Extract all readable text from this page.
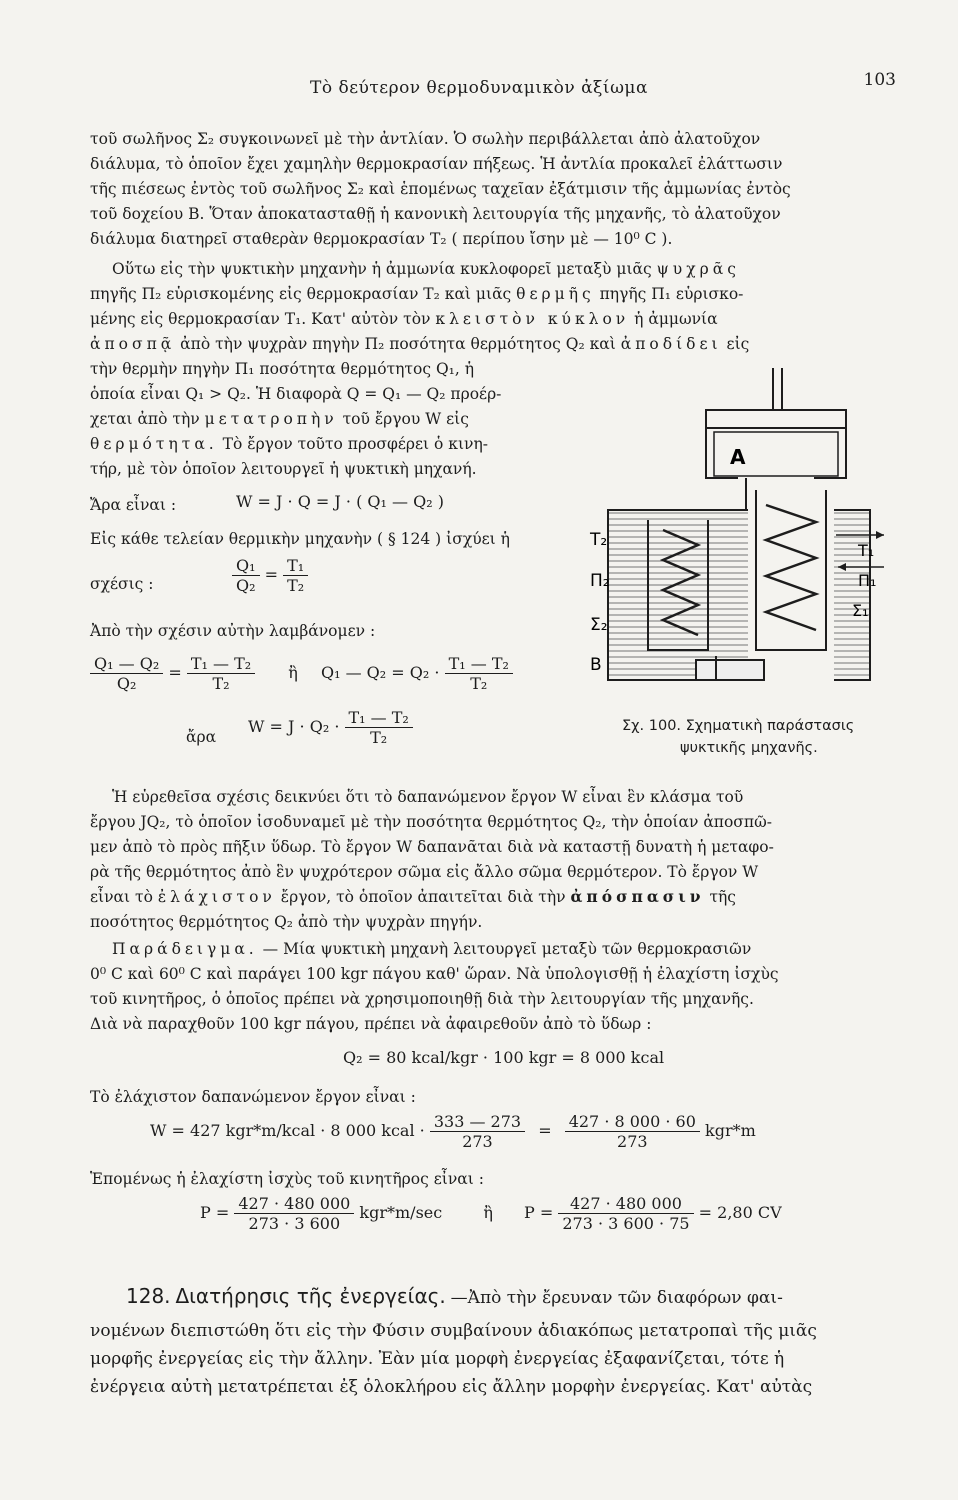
Τὸ δεύτερον θερμοδυναμικὸν ἀξίωμα	103
τοῦ σωλῆνος Σ₂ συγκοινωνεῖ μὲ τὴν ἀντλίαν. Ὁ σωλὴν περιβάλλεται ἀπὸ ἀλατοῦχον
διάλυμα, τὸ ὁποῖον ἔχει χαμηλὴν θερμοκρασίαν πήξεως. Ἡ ἀντλία προκαλεῖ ἐλάττωσιν
τῆς πιέσεως ἐντὸς τοῦ σωλῆνος Σ₂ καὶ ἑπομένως ταχεῖαν ἐξάτμισιν τῆς ἀμμωνίας ἐντὸς
τοῦ δοχείου Β. Ὅταν ἀποκατασταθῇ ἡ κανονικὴ λειτουργία τῆς μηχανῆς, τὸ ἀλατοῦχον
διάλυμα διατηρεῖ σταθερὰν θερμοκρασίαν T₂ ( περίπου ἴσην μὲ — 10⁰ C ).
Οὕτω εἰς τὴν ψυκτικὴν μηχανὴν ἡ ἀμμωνία κυκλοφορεῖ μεταξὺ μιᾶς ψυχρᾶς
πηγῆς Π₂ εὑρισκομένης εἰς θερμοκρασίαν T₂ καὶ μιᾶς θερμῆς πηγῆς Π₁ εὑρισκο-
μένης εἰς θερμοκρασίαν T₁. Κατ' αὐτὸν τὸν κλειστὸν κύκλον ἡ ἀμμωνία
ἀποσπᾷ ἀπὸ τὴν ψυχρὰν πηγὴν Π₂ ποσότητα θερμότητος Q₂ καὶ ἀποδίδει εἰς
τὴν θερμὴν πηγὴν Π₁ ποσότητα θερμότητος Q₁, ἡ
ὁποία εἶναι Q₁ > Q₂. Ἡ διαφορὰ Q = Q₁ — Q₂ προέρ-
χεται ἀπὸ τὴν μετατροπὴν τοῦ ἔργου W εἰς
θερμότητα. Τὸ ἔργον τοῦτο προσφέρει ὁ κινη-
τήρ, μὲ τὸν ὁποῖον λειτουργεῖ ἡ ψυκτικὴ μηχανή.
Ἄρα εἶναι :	W = J · Q = J · ( Q₁ — Q₂ )
Εἰς κάθε τελείαν θερμικὴν μηχανὴν ( § 124 ) ἰσχύει ἡ
σχέσις :	$\frac{\text{Q₁}}{\text{Q₂}} = \frac{\text{T₁}}{\text{T₂}}$
Ἀπὸ τὴν σχέσιν αὐτὴν λαμβάνομεν :
$\frac{\text{Q₁ — Q₂}}{\text{Q₂}} = \frac{\text{T₁ — T₂}}{\text{T₂}}$ ἢ Q₁ — $Q_2 = Q_2 \cdot \frac{\text{T₁ — T₂}}{\text{T₂}}$
ἄρα
$W = J \cdot Q_2 \cdot \frac{\text{T₁ — T₂}}{\text{T₂}}$
A
T₂
Π₂
Σ₂
B
T₁
Π₁
Σ₁
Σχ. 100. Σχηματικὴ παράστασις
ψυκτικῆς μηχανῆς.
Ἡ εὑρεθεῖσα σχέσις δεικνύει ὅτι τὸ δαπανώμενον ἔργον W εἶναι ἓν κλάσμα τοῦ
ἔργου JQ₂, τὸ ὁποῖον ἰσοδυναμεῖ μὲ τὴν ποσότητα θερμότητος Q₂, τὴν ὁποίαν ἀποσπῶ-
μεν ἀπὸ τὸ πρὸς πῆξιν ὕδωρ. Τὸ ἔργον W δαπανᾶται διὰ νὰ καταστῇ δυνατὴ ἡ μεταφο-
ρὰ τῆς θερμότητος ἀπὸ ἓν ψυχρότερον σῶμα εἰς ἄλλο σῶμα θερμότερον. Τὸ ἔργον W
εἶναι τὸ ἐλάχιστον ἔργον, τὸ ὁποῖον ἀπαιτεῖται διὰ τὴν ἀπόσπασιν τῆς
ποσότητος θερμότητος Q₂ ἀπὸ τὴν ψυχρὰν πηγήν.
Παράδειγμα. — Μία ψυκτικὴ μηχανὴ λειτουργεῖ μεταξὺ τῶν θερμοκρασιῶν
0⁰ C καὶ 60⁰ C καὶ παράγει 100 kgr πάγου καθ' ὥραν. Νὰ ὑπολογισθῇ ἡ ἐλαχίστη ἰσχὺς
τοῦ κινητῆρος, ὁ ὁποῖος πρέπει νὰ χρησιμοποιηθῇ διὰ τὴν λειτουργίαν τῆς μηχανῆς.
Διὰ νὰ παραχθοῦν 100 kgr πάγου, πρέπει νὰ ἀφαιρεθοῦν ἀπὸ τὸ ὕδωρ :
Q₂ = 80 kcal/kgr · 100 kgr = 8 000 kcal
Τὸ ἐλάχιστον δαπανώμενον ἔργον εἶναι :
W = 427 kgr*m/kcal · 8 000 kcal · $\frac{333 — 273}{273} = \frac{427 \cdot 8 000 \cdot 60}{273} kgr*m$
Ἑπομένως ἡ ἐλαχίστη ἰσχὺς τοῦ κινητῆρος εἶναι :
$P = \frac{427 \cdot 480 000}{273 \cdot 3 600} kgr*m/\sec$	ἢ $P = \frac{427 \cdot 480 000}{273 \cdot 3 600 \cdot 75} = 2,80$ CV
128. Διατήρησις τῆς ἐνεργείας. —Ἀπὸ τὴν ἔρευναν τῶν διαφόρων φαι-
νομένων διεπιστώθη ὅτι εἰς τὴν Φύσιν συμβαίνουν ἀδιακόπως μετατροπαὶ τῆς μιᾶς
μορφῆς ἐνεργείας εἰς τὴν ἄλλην. Ἐὰν μία μορφὴ ἐνεργείας ἐξαφανίζεται, τότε ἡ
ἐνέργεια αὐτὴ μετατρέπεται ἐξ ὁλοκλήρου εἰς ἄλλην μορφὴν ἐνεργείας. Κατ' αὐτὰς
